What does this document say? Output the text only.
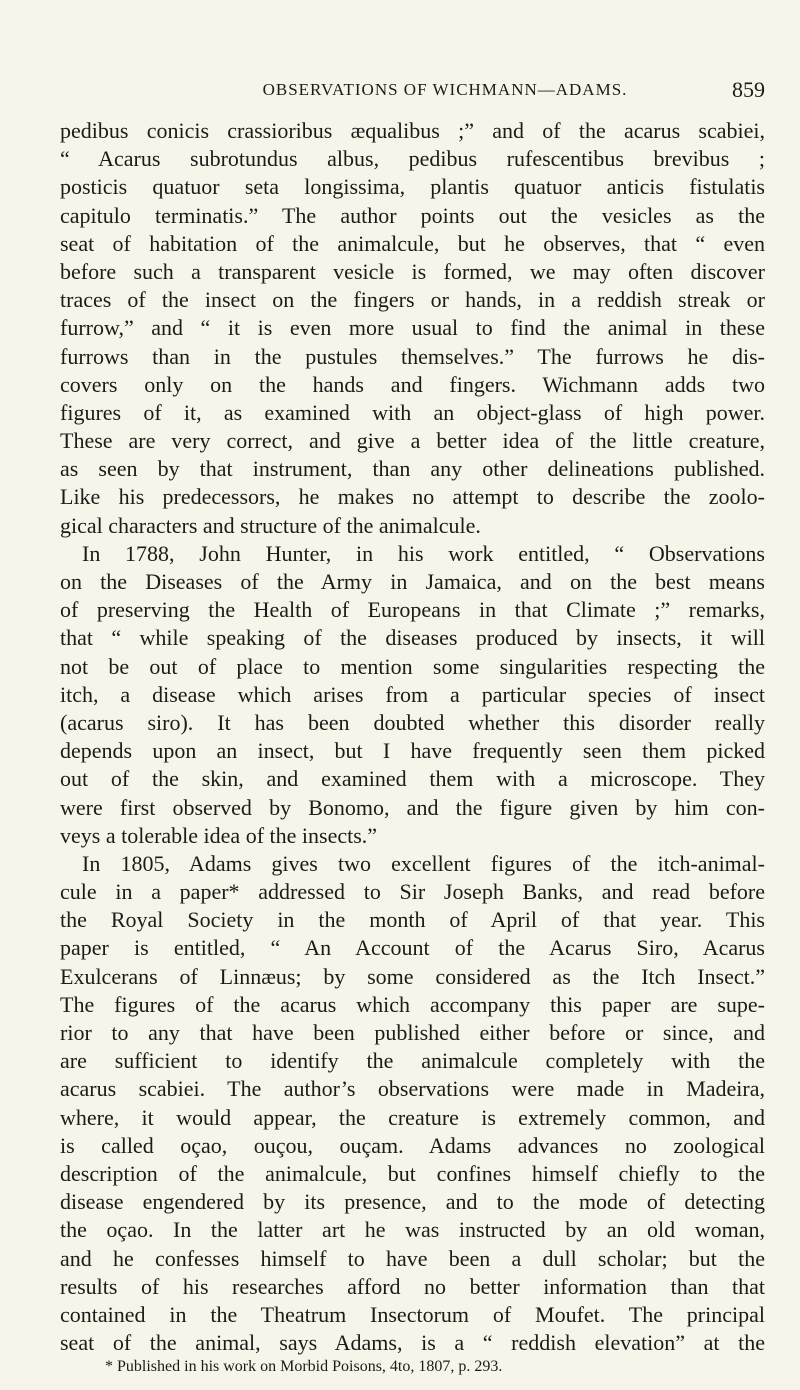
OBSERVATIONS OF WICHMANN—ADAMS.	859
pedibus conicis crassioribus æqualibus ;” and of the acarus scabiei,
“ Acarus subrotundus albus, pedibus rufescentibus brevibus ;
posticis quatuor seta longissima, plantis quatuor anticis fistulatis
capitulo terminatis.” The author points out the vesicles as the
seat of habitation of the animalcule, but he observes, that “ even
before such a transparent vesicle is formed, we may often discover
traces of the insect on the fingers or hands, in a reddish streak or
furrow,” and “ it is even more usual to find the animal in these
furrows than in the pustules themselves.” The furrows he dis-
covers only on the hands and fingers. Wichmann adds two
figures of it, as examined with an object-glass of high power.
These are very correct, and give a better idea of the little creature,
as seen by that instrument, than any other delineations published.
Like his predecessors, he makes no attempt to describe the zoolo-
gical characters and structure of the animalcule.
In 1788, John Hunter, in his work entitled, “ Observations
on the Diseases of the Army in Jamaica, and on the best means
of preserving the Health of Europeans in that Climate ;” remarks,
that “ while speaking of the diseases produced by insects, it will
not be out of place to mention some singularities respecting the
itch, a disease which arises from a particular species of insect
(acarus siro). It has been doubted whether this disorder really
depends upon an insect, but I have frequently seen them picked
out of the skin, and examined them with a microscope. They
were first observed by Bonomo, and the figure given by him con-
veys a tolerable idea of the insects.”
In 1805, Adams gives two excellent figures of the itch-animal-
cule in a paper* addressed to Sir Joseph Banks, and read before
the Royal Society in the month of April of that year. This
paper is entitled, “ An Account of the Acarus Siro, Acarus
Exulcerans of Linnæus; by some considered as the Itch Insect.”
The figures of the acarus which accompany this paper are supe-
rior to any that have been published either before or since, and
are sufficient to identify the animalcule completely with the
acarus scabiei. The author’s observations were made in Madeira,
where, it would appear, the creature is extremely common, and
is called oçao, ouçou, ouçam. Adams advances no zoological
description of the animalcule, but confines himself chiefly to the
disease engendered by its presence, and to the mode of detecting
the oçao. In the latter art he was instructed by an old woman,
and he confesses himself to have been a dull scholar; but the
results of his researches afford no better information than that
contained in the Theatrum Insectorum of Moufet. The principal
seat of the animal, says Adams, is a “ reddish elevation” at the
* Published in his work on Morbid Poisons, 4to, 1807, p. 293.
